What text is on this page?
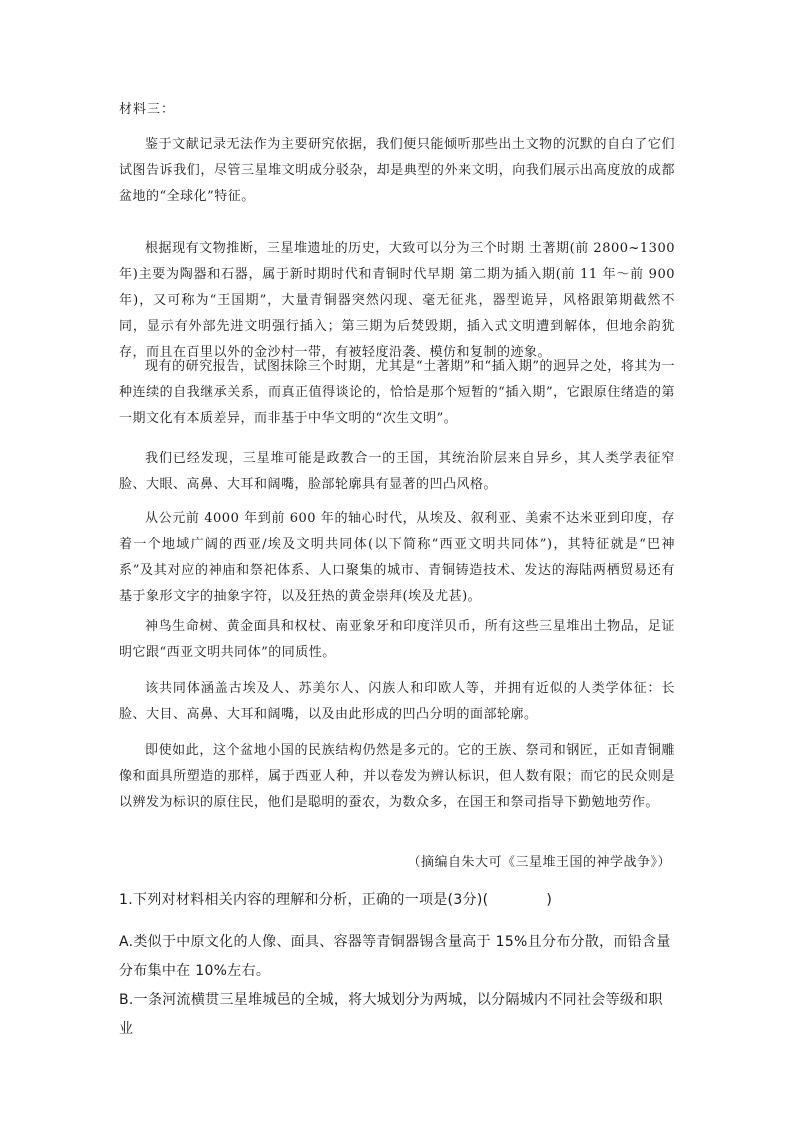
材料三：

鉴于文献记录无法作为主要研究依据，我们便只能倾听那些出土文物的沉默的自白了它们试图告诉我们，尽管三星堆文明成分驳杂，却是典型的外来文明，向我们展示出高度放的成都盆地的“全球化”特征。

根据现有文物推断，三星堆遗址的历史，大致可以分为三个时期 土著期(前 2800~1300 年)主要为陶器和石器，属于新时期时代和青铜时代早期 第二期为插入期(前 11 年～前 900 年)，又可称为“王国期”，大量青铜器突然闪现、毫无征兆，器型诡异，风格跟第期截然不同，显示有外部先进文明强行插入；第三期为后焚毁期，插入式文明遭到解体，但地余韵犹存，而且在百里以外的金沙村一带，有被轻度沿袭、模仿和复制的迹象。

现有的研究报告，试图抹除三个时期，尤其是“土著期”和“插入期”的迥异之处，将其为一种连续的自我继承关系，而真正值得谈论的，恰恰是那个短暂的“插入期”，它跟原住绪造的第一期文化有本质差异，而非基于中华文明的“次生文明”。

我们已经发现，三星堆可能是政教合一的王国，其统治阶层来自异乡，其人类学表征窄脸、大眼、高鼻、大耳和阔嘴，脸部轮廓具有显著的凹凸风格。

从公元前 4000 年到前 600 年的轴心时代，从埃及、叙利亚、美索不达米亚到印度，存着一个地域广阔的西亚/埃及文明共同体(以下简称“西亚文明共同体”)，其特征就是“巴神系”及其对应的神庙和祭祀体系、人口聚集的城市、青铜铸造技术、发达的海陆两栖贸易还有基于象形文字的抽象字符，以及狂热的黄金崇拜(埃及尤甚)。

神鸟生命树、黄金面具和权杖、南亚象牙和印度洋贝币，所有这些三星堆出土物品，足证明它跟“西亚文明共同体”的同质性。

该共同体涵盖古埃及人、苏美尔人、闪族人和印欧人等，并拥有近似的人类学体征：长脸、大目、高鼻、大耳和阔嘴，以及由此形成的凹凸分明的面部轮廓。

即使如此，这个盆地小国的民族结构仍然是多元的。它的王族、祭司和钢匠，正如青铜雕像和面具所塑造的那样，属于西亚人种，并以卷发为辨认标识，但人数有限；而它的民众则是以辨发为标识的原住民，他们是聪明的蚕农，为数众多，在国王和祭司指导下勤勉地劳作。

（摘编自朱大可《三星堆王国的神学战争》）

1.下列对材料相关内容的理解和分析，正确的一项是(3分)(	)

A.类似于中原文化的人像、面具、容器等青铜器锡含量高于 15%且分布分散，而铅含量分布集中在 10%左右。

B.一条河流横贯三星堆城邑的全城，将大城划分为两城，以分隔城内不同社会等级和职业
